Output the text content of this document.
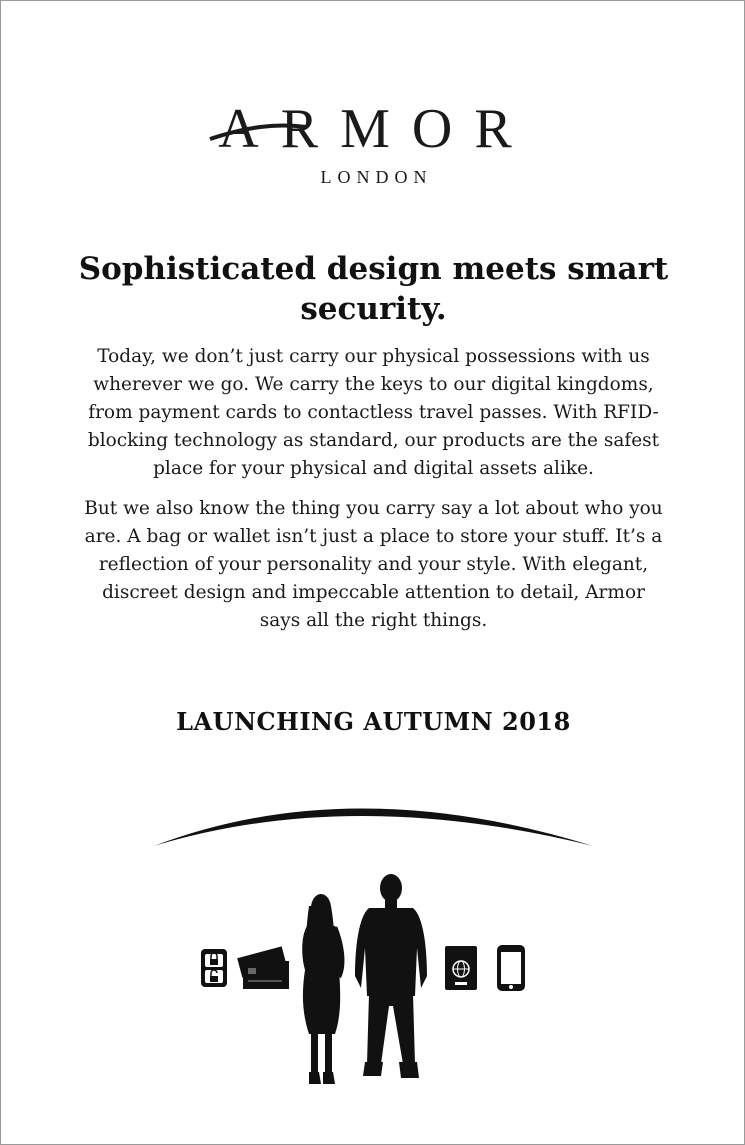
ARMOR
LONDON
Sophisticated design meets smart security.

Today, we don’t just carry our physical possessions with us wherever we go. We carry the keys to our digital kingdoms, from payment cards to contactless travel passes. With RFID-blocking technology as standard, our products are the safest place for your physical and digital assets alike.

But we also know the thing you carry say a lot about who you are. A bag or wallet isn’t just a place to store your stuff. It’s a reflection of your personality and your style. With elegant, discreet design and impeccable attention to detail, Armor says all the right things.

LAUNCHING AUTUMN 2018
